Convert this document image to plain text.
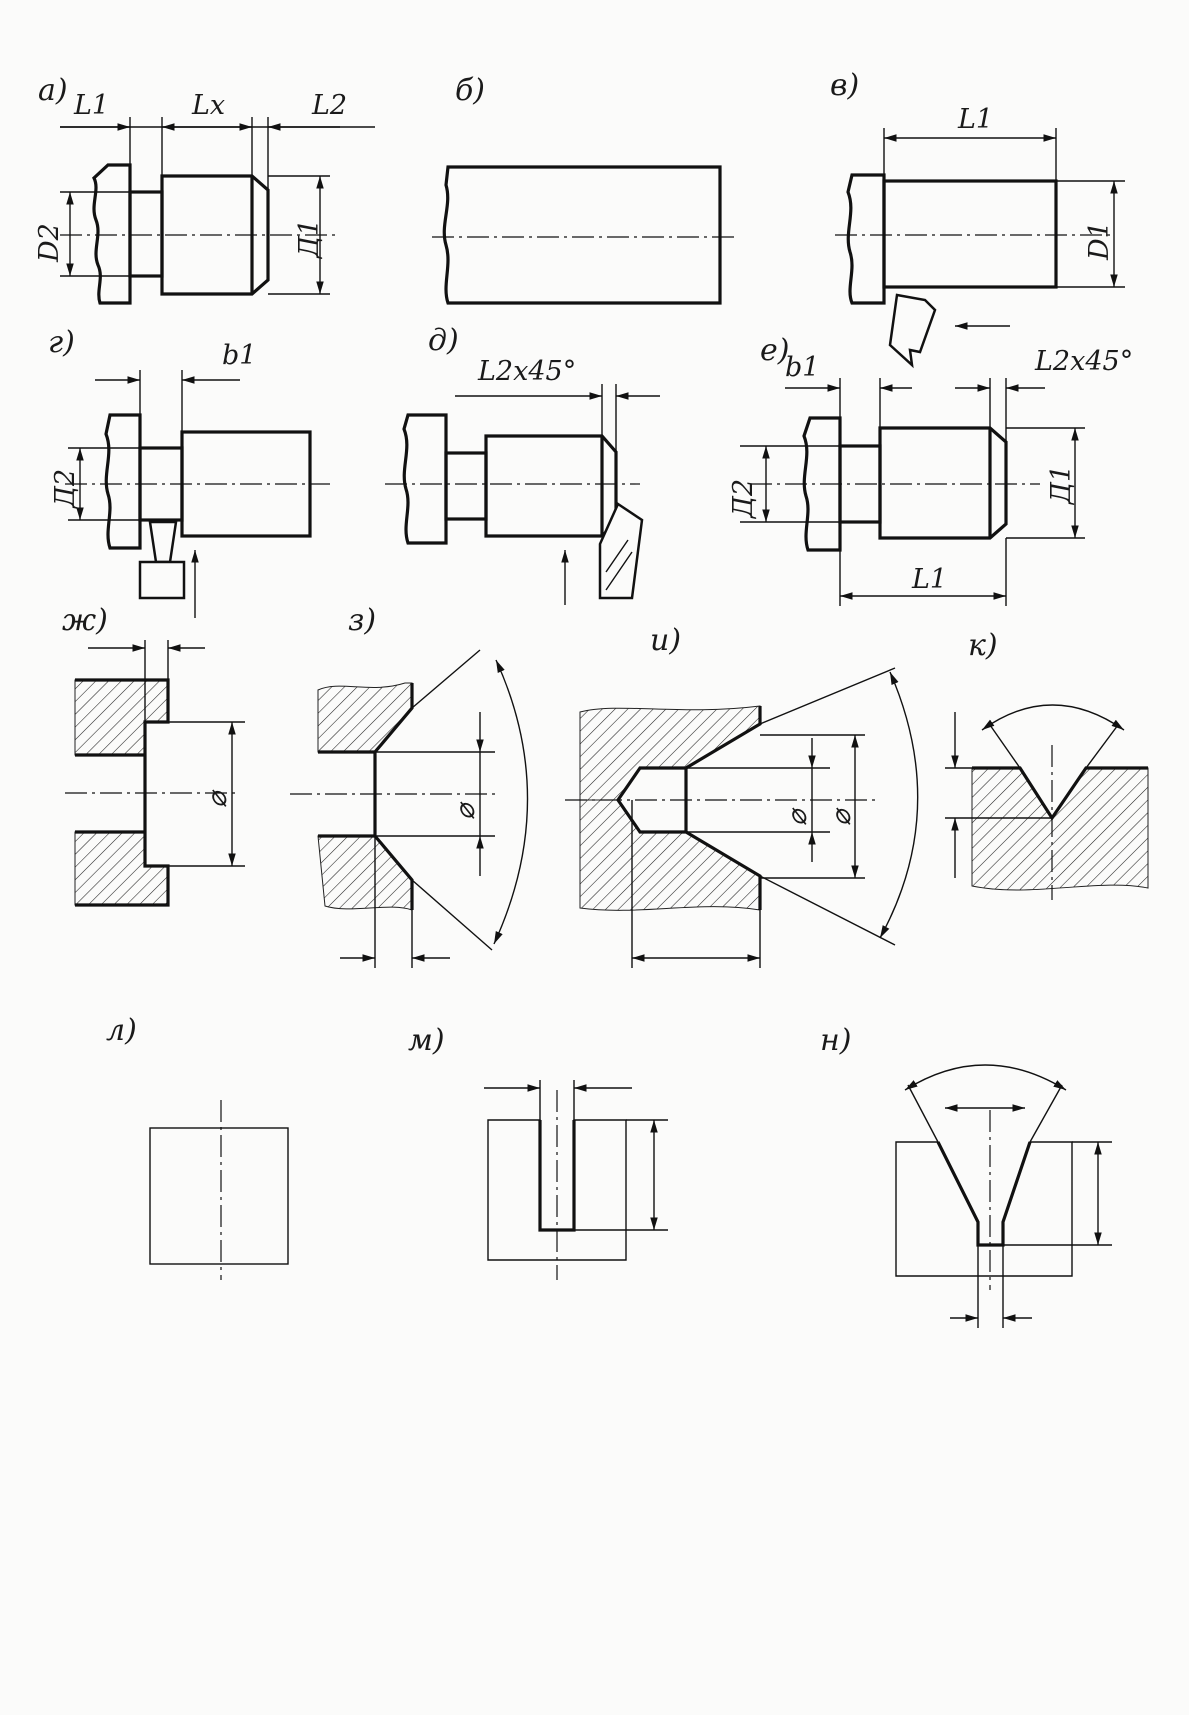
а) L1	Lx	L2
D2	Д1
б)	в)
L1
D1
г)	b1
Д2
д)
L2x45°
е)
b1	L2x45°
Д2	Д1
L1
ж)
⌀
з)
⌀
и)
⌀ ⌀
к)
л)	м)	н)
